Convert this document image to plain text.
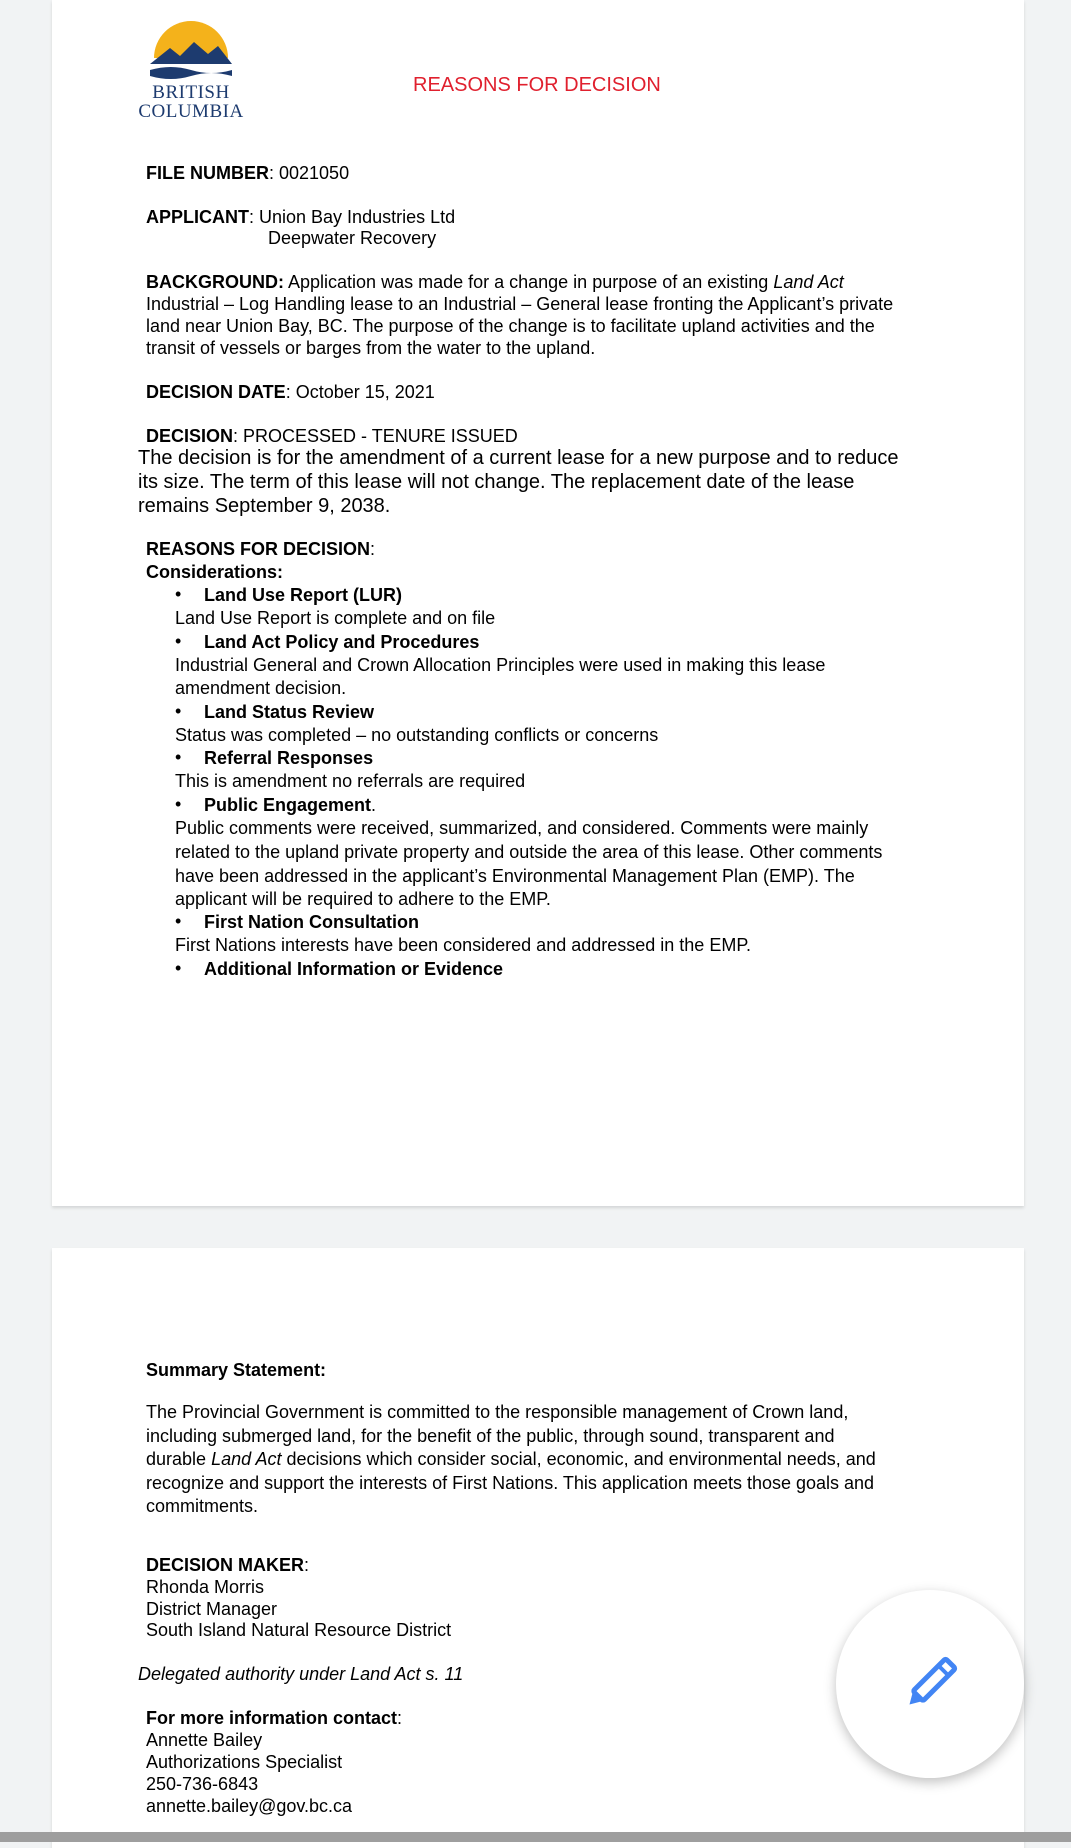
BRITISH
COLUMBIA
REASONS FOR DECISION
FILE NUMBER: 0021050
APPLICANT: Union Bay Industries Ltd
Deepwater Recovery
BACKGROUND: Application was made for a change in purpose of an existing Land Act
Industrial – Log Handling lease to an Industrial – General lease fronting the Applicant’s private
land near Union Bay, BC. The purpose of the change is to facilitate upland activities and the
transit of vessels or barges from the water to the upland.
DECISION DATE: October 15, 2021
DECISION: PROCESSED - TENURE ISSUED
The decision is for the amendment of a current lease for a new purpose and to reduce
its size. The term of this lease will not change. The replacement date of the lease
remains September 9, 2038.
REASONS FOR DECISION:
Considerations:
• Land Use Report (LUR)
Land Use Report is complete and on file
• Land Act Policy and Procedures
Industrial General and Crown Allocation Principles were used in making this lease
amendment decision.
• Land Status Review
Status was completed – no outstanding conflicts or concerns
• Referral Responses
This is amendment no referrals are required
• Public Engagement.
Public comments were received, summarized, and considered. Comments were mainly
related to the upland private property and outside the area of this lease. Other comments
have been addressed in the applicant’s Environmental Management Plan (EMP). The
applicant will be required to adhere to the EMP.
• First Nation Consultation
First Nations interests have been considered and addressed in the EMP.
• Additional Information or Evidence
Summary Statement:
The Provincial Government is committed to the responsible management of Crown land,
including submerged land, for the benefit of the public, through sound, transparent and
durable Land Act decisions which consider social, economic, and environmental needs, and
recognize and support the interests of First Nations. This application meets those goals and
commitments.
DECISION MAKER:
Rhonda Morris
District Manager
South Island Natural Resource District
Delegated authority under Land Act s. 11
For more information contact:
Annette Bailey
Authorizations Specialist
250-736-6843
annette.bailey@gov.bc.ca
